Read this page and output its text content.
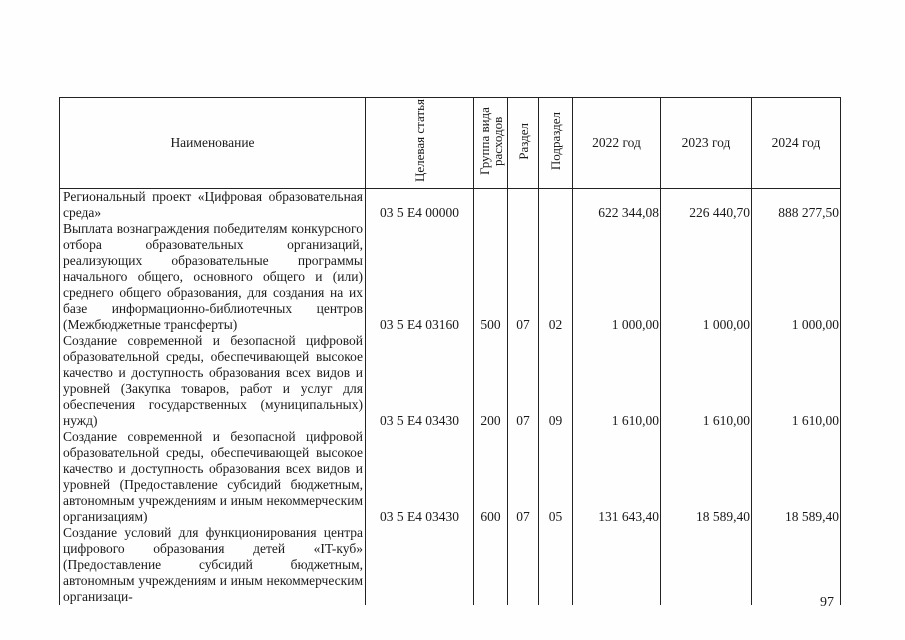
Наименование	Целевая статья	Группа вида расходов	Раздел	Подраздел	2022 год	2023 год	2024 год

Региональный проект «Цифровая образовательная среда»	03 5 E4 00000				622 344,08	226 440,70	888 277,50

Выплата вознаграждения победителям конкурсного отбора образовательных организаций, реализующих образовательные программы начального общего, основного общего и (или) среднего общего образования, для создания на их базе информационно-библиотечных центров (Межбюджетные трансферты)	03 5 E4 03160	500	07	02	1 000,00	1 000,00	1 000,00

Создание современной и безопасной цифровой образовательной среды, обеспечивающей высокое качество и доступность образования всех видов и уровней (Закупка товаров, работ и услуг для обеспечения государственных (муниципальных) нужд)	03 5 E4 03430	200	07	09	1 610,00	1 610,00	1 610,00

Создание современной и безопасной цифровой образовательной среды, обеспечивающей высокое качество и доступность образования всех видов и уровней (Предоставление субсидий бюджетным, автономным учреждениям и иным некоммерческим организациям)	03 5 E4 03430	600	07	05	131 643,40	18 589,40	18 589,40

Создание условий для функционирования центра цифрового образования детей «IT-куб» (Предоставление субсидий бюджетным, автономным учреждениям и иным некоммерческим организаци-							
								97
